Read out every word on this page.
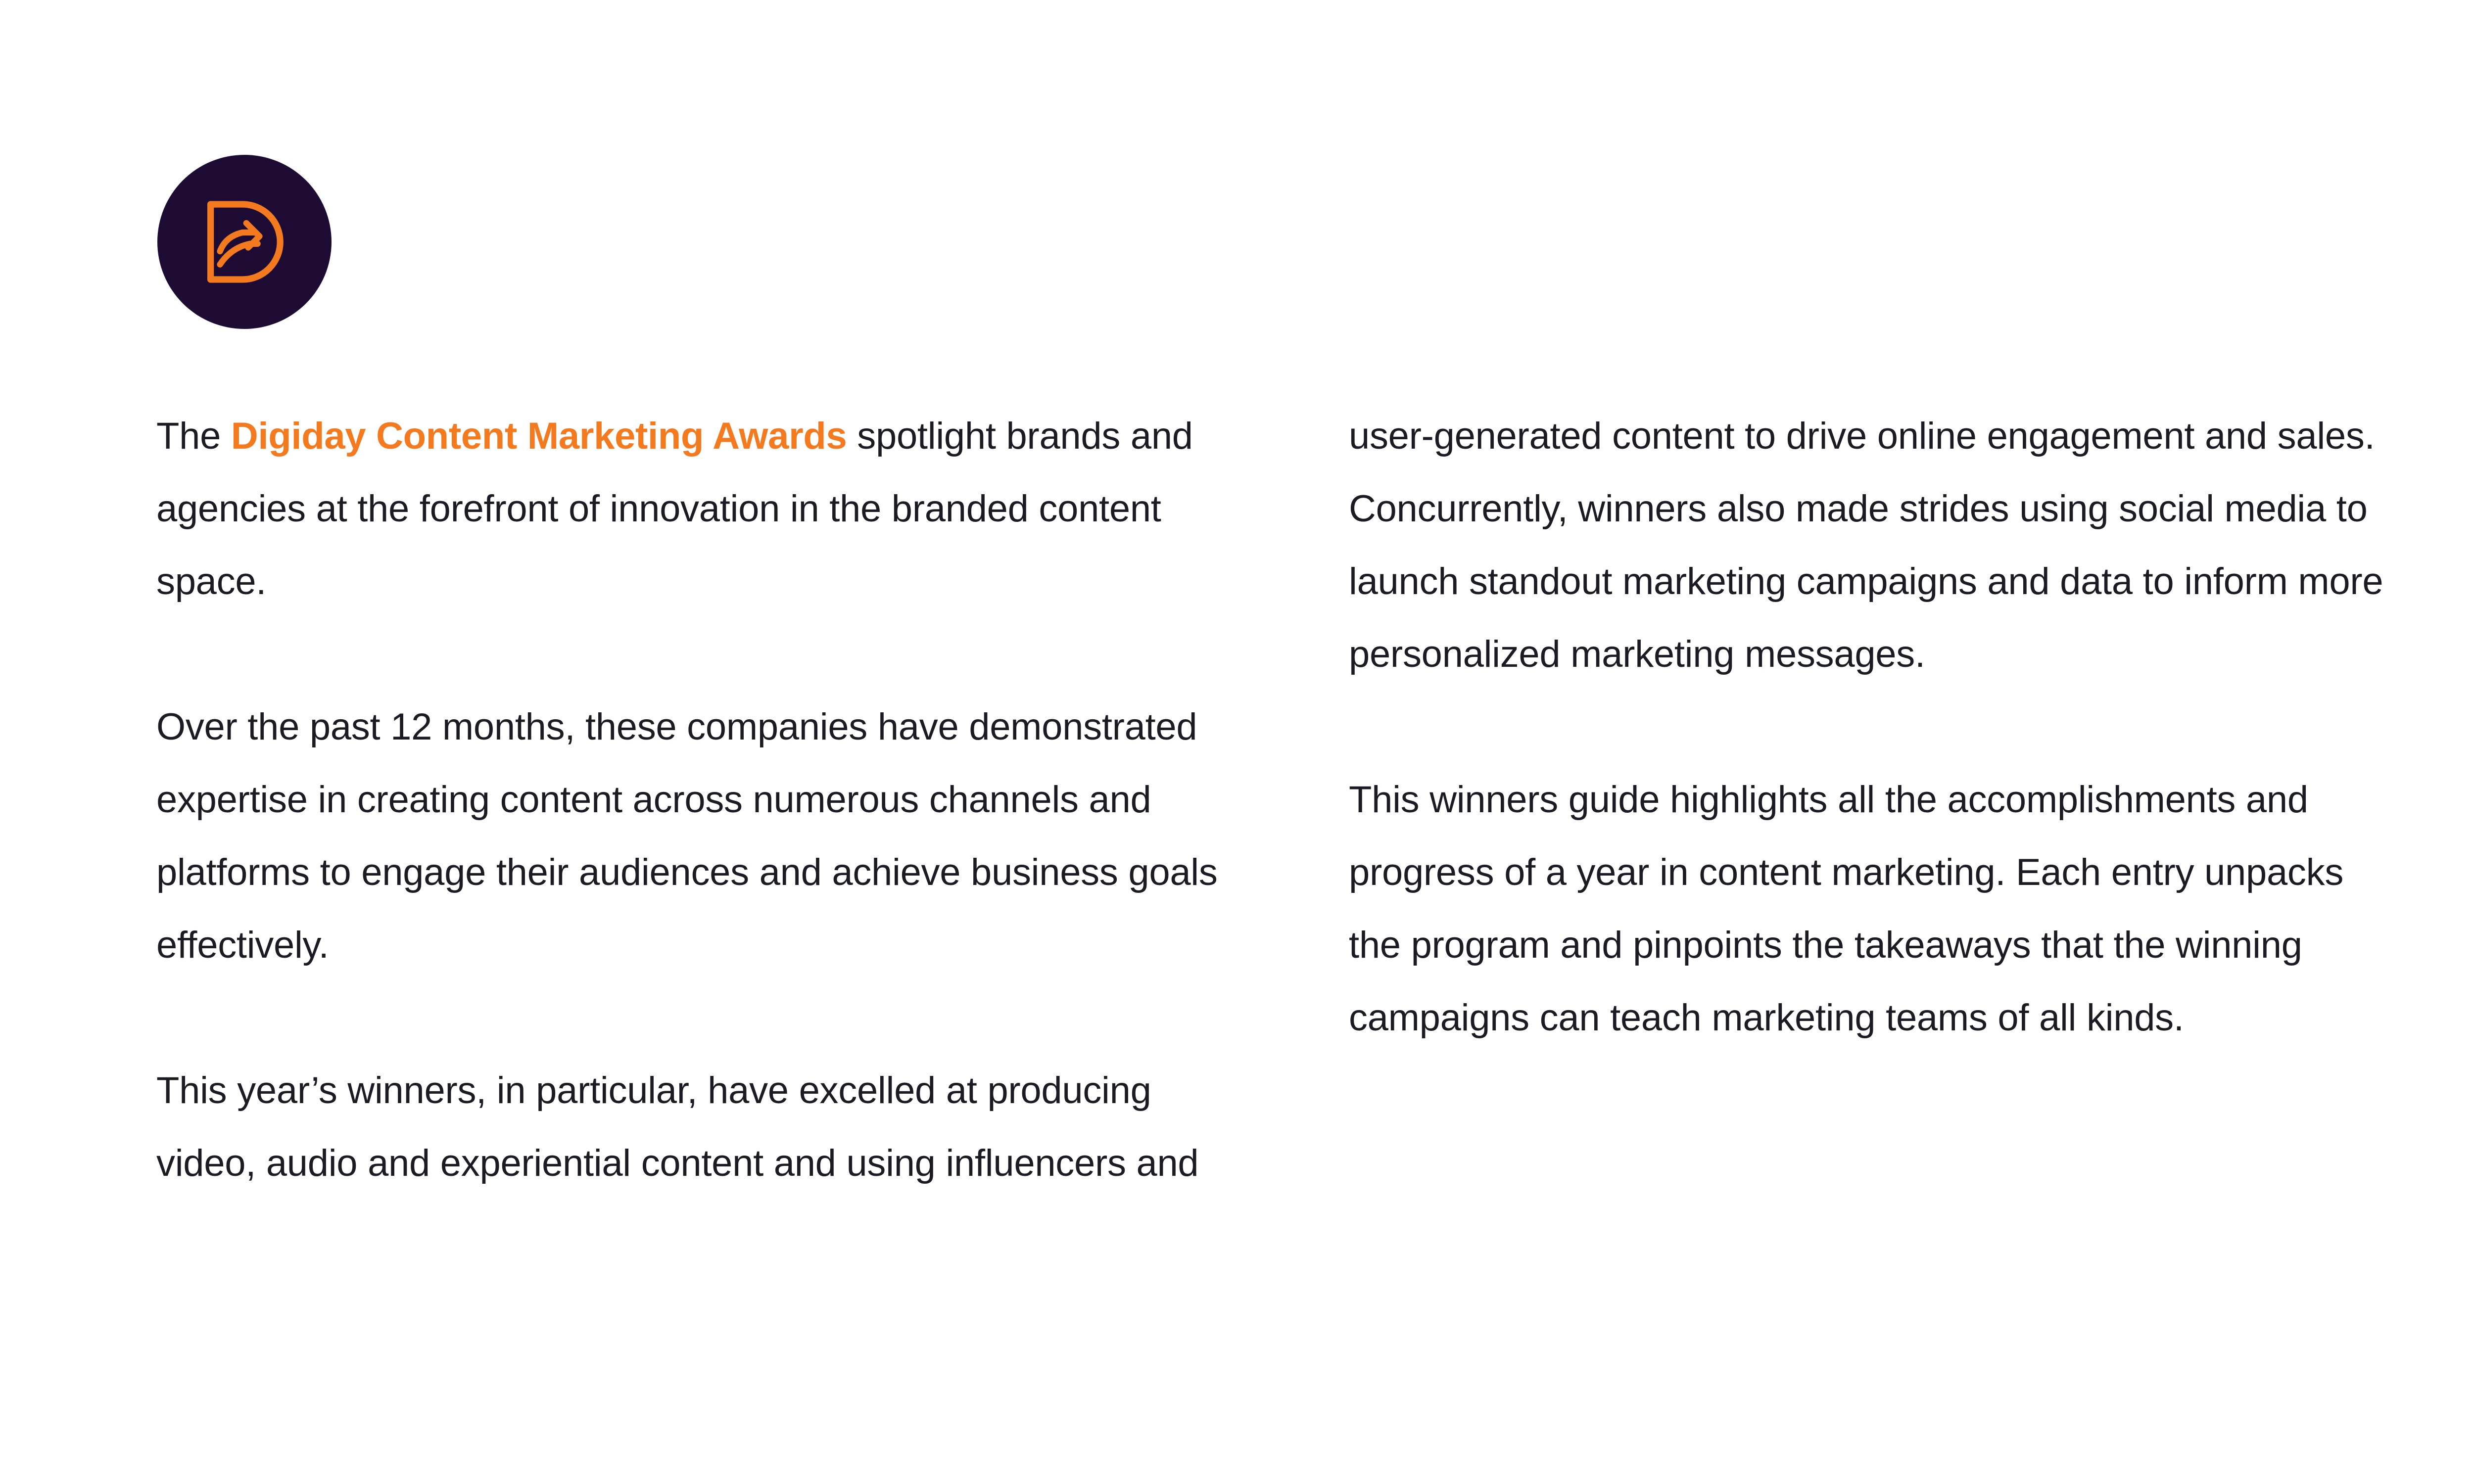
The Digiday Content Marketing Awards spotlight brands and
agencies at the forefront of innovation in the branded content
space.

Over the past 12 months, these companies have demonstrated
expertise in creating content across numerous channels and
platforms to engage their audiences and achieve business goals
effectively.

This year’s winners, in particular, have excelled at producing
video, audio and experiential content and using influencers and

user-generated content to drive online engagement and sales.
Concurrently, winners also made strides using social media to
launch standout marketing campaigns and data to inform more
personalized marketing messages.

This winners guide highlights all the accomplishments and
progress of a year in content marketing. Each entry unpacks
the program and pinpoints the takeaways that the winning
campaigns can teach marketing teams of all kinds.
